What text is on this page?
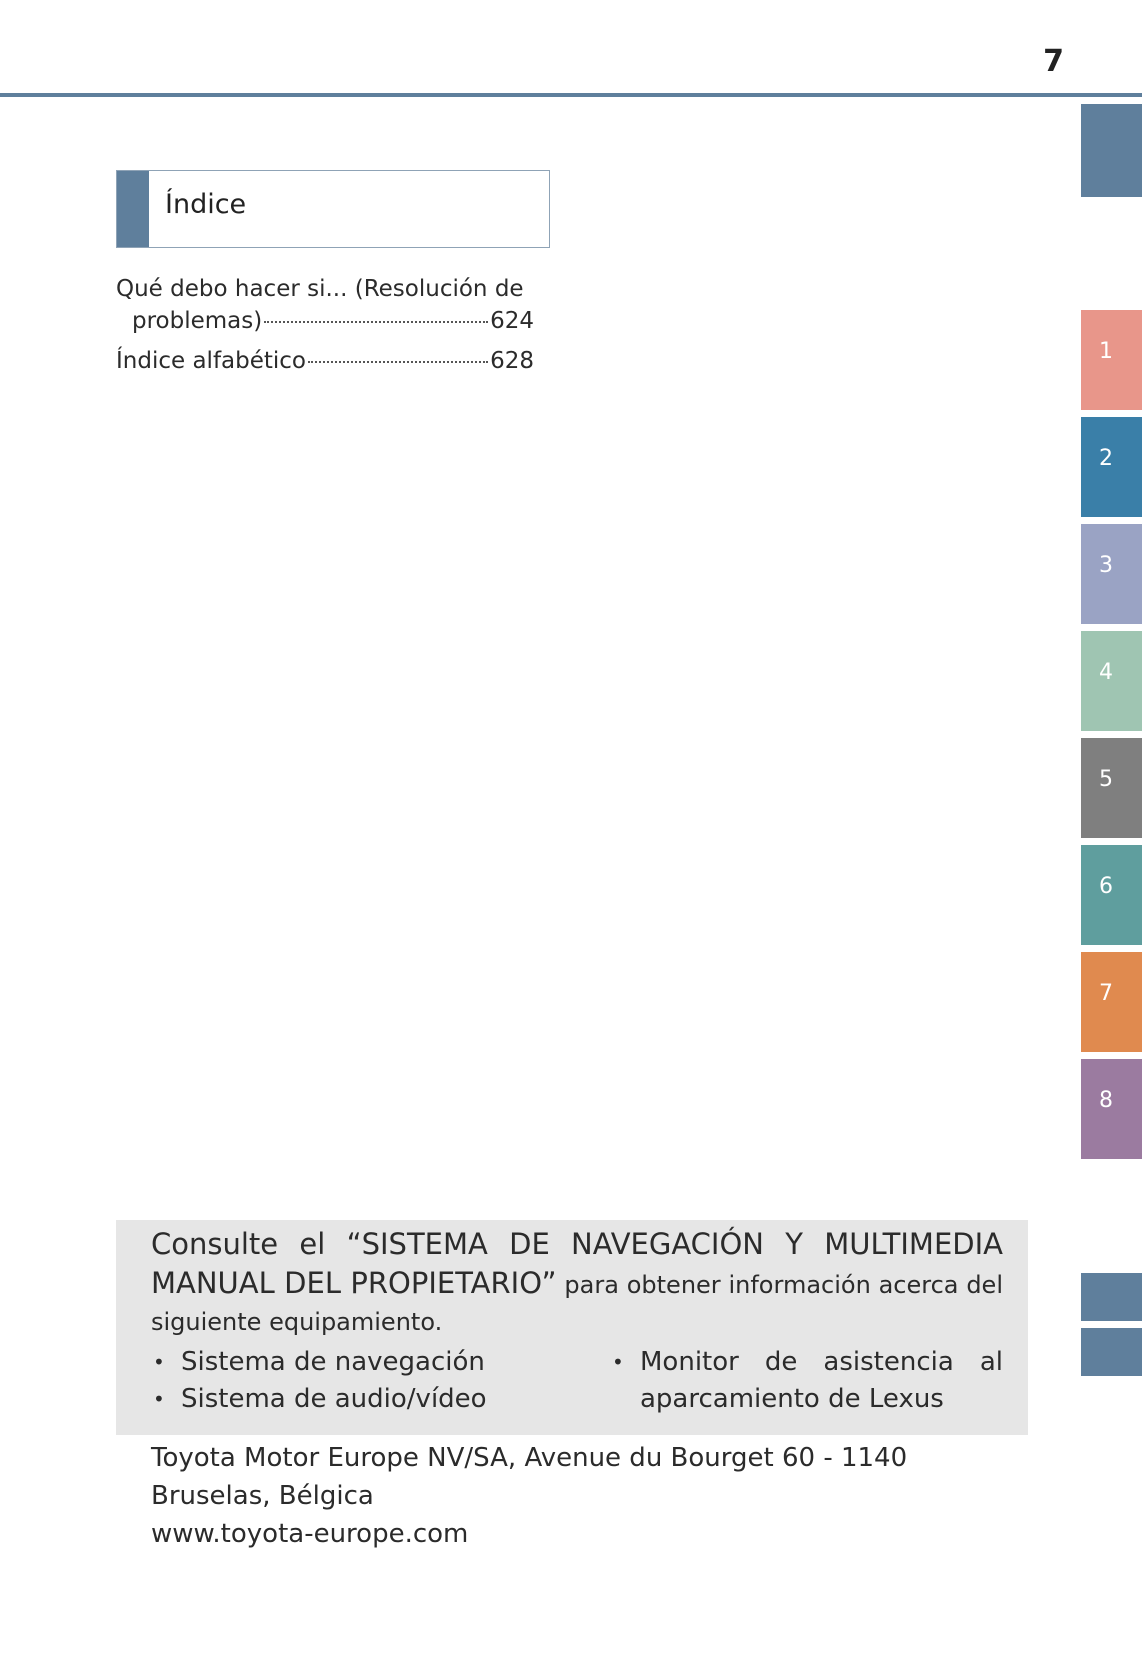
7
1
2
3
4
5
6
7
8
Índice
Qué debo hacer si... (Resolución de
problemas)	624
Índice alfabético	628
Consulte el “SISTEMA DE NAVEGACIÓN Y MULTIMEDIA MANUAL DEL PROPIETARIO” para obtener información acerca del siguiente equipamiento.
• Sistema de navegación
• Sistema de audio/vídeo
• Monitor de asistencia al aparcamiento de Lexus
Toyota Motor Europe NV/SA, Avenue du Bourget 60 - 1140 Bruselas, Bélgica
www.toyota-europe.com
